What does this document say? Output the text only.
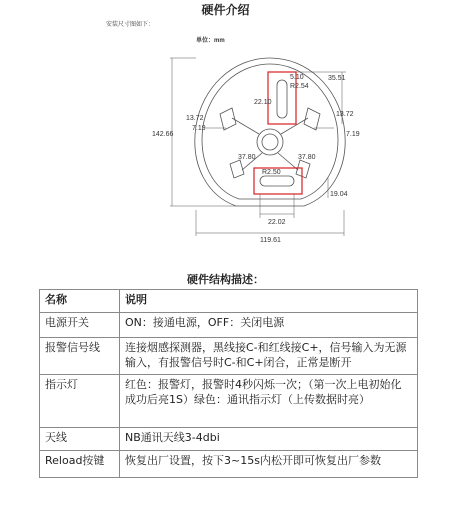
硬件介绍
安装尺寸图如下：
5.10
R2.54
35.51
22.10
13.72
7.19
13.72
7.19
142.66
37.80	37.80
R2.50
19.04
22.02
119.61
单位：mm
硬件结构描述：
名称	说明
电源开关	ON：接通电源，OFF：关闭电源
报警信号线	连接烟感探测器，黑线接C-和红线接C+，信号输入为无源输入，有报警信号时C-和C+闭合，正常是断开
指示灯	红色：报警灯，报警时4秒闪烁一次；（第一次上电初始化成功后亮1S）绿色：通讯指示灯（上传数据时亮）
天线	NB通讯天线3-4dbi
Reload按键	恢复出厂设置，按下3~15s内松开即可恢复出厂参数
